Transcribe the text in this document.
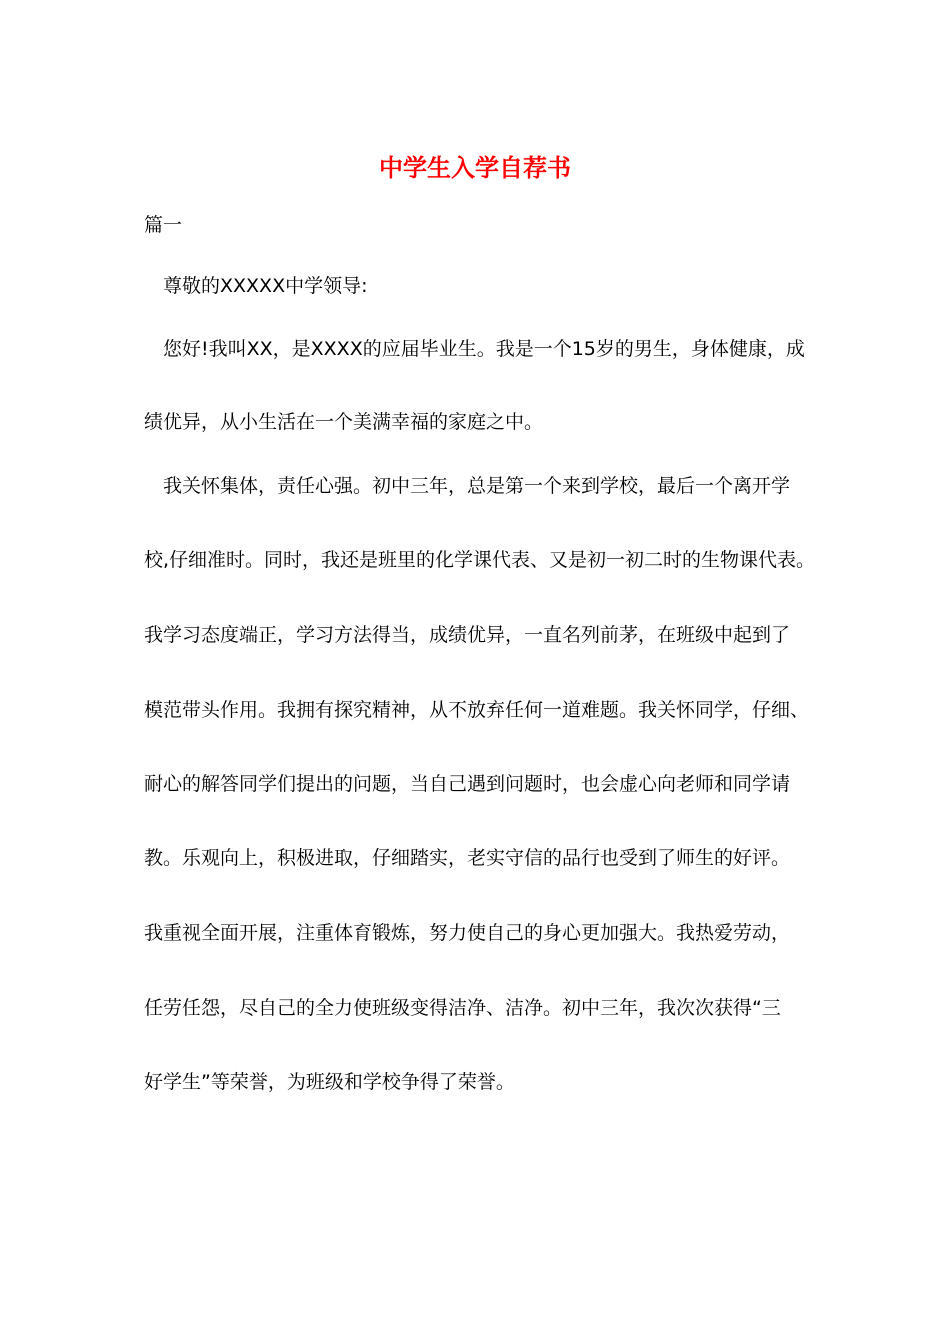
中学生入学自荐书

篇一

尊敬的XXXXX中学领导:

您好!我叫XX，是XXXX的应届毕业生。我是一个15岁的男生，身体健康，成

绩优异，从小生活在一个美满幸福的家庭之中。

我关怀集体，责任心强。初中三年，总是第一个来到学校，最后一个离开学

校,仔细准时。同时，我还是班里的化学课代表、又是初一初二时的生物课代表。

我学习态度端正，学习方法得当，成绩优异，一直名列前茅，在班级中起到了

模范带头作用。我拥有探究精神，从不放弃任何一道难题。我关怀同学，仔细、

耐心的解答同学们提出的问题，当自己遇到问题时，也会虚心向老师和同学请

教。乐观向上，积极进取，仔细踏实，老实守信的品行也受到了师生的好评。

我重视全面开展，注重体育锻炼，努力使自己的身心更加强大。我热爱劳动，

任劳任怨，尽自己的全力使班级变得洁净、洁净。初中三年，我次次获得“三

好学生”等荣誉，为班级和学校争得了荣誉。
